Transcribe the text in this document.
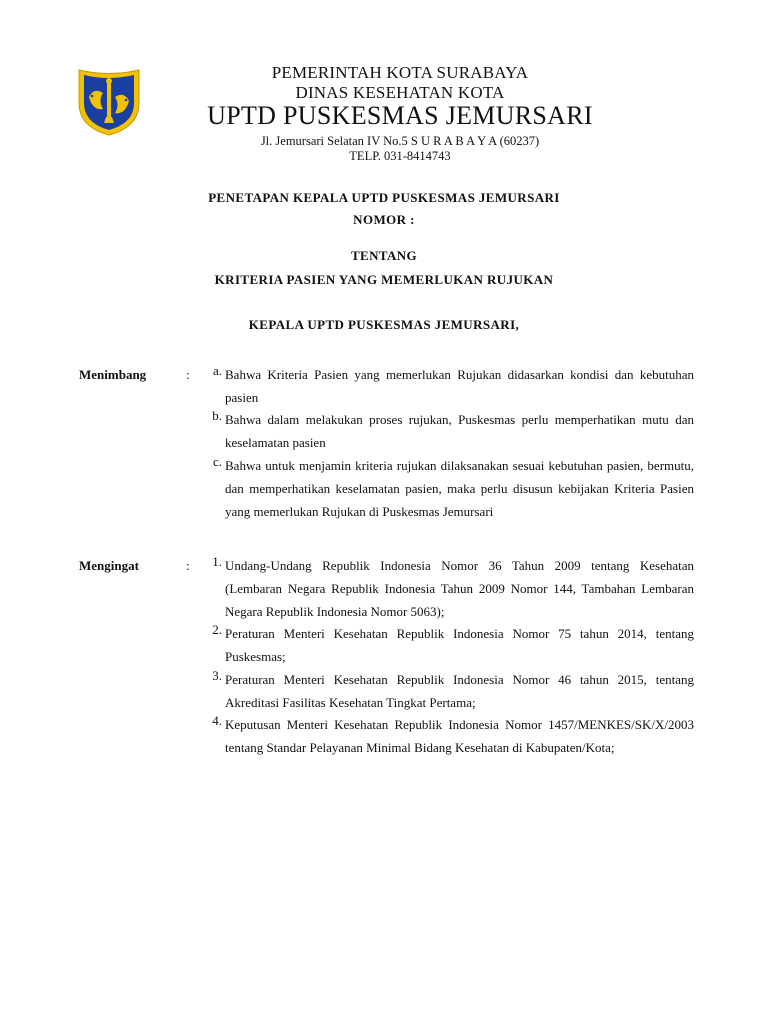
PEMERINTAH KOTA SURABAYA
DINAS KESEHATAN KOTA
UPTD PUSKESMAS JEMURSARI
Jl. Jemursari Selatan IV No.5 S U R A B A Y A (60237)
TELP. 031-8414743
PENETAPAN KEPALA UPTD PUSKESMAS JEMURSARI
NOMOR :
TENTANG
KRITERIA PASIEN YANG MEMERLUKAN RUJUKAN
KEPALA UPTD PUSKESMAS JEMURSARI,
Menimbang	:	a. Bahwa Kriteria Pasien yang memerlukan Rujukan didasarkan kondisi dan kebutuhan pasien
b. Bahwa dalam melakukan proses rujukan, Puskesmas perlu memperhatikan mutu dan keselamatan pasien
c. Bahwa untuk menjamin kriteria rujukan dilaksanakan sesuai kebutuhan pasien, bermutu, dan memperhatikan keselamatan pasien, maka perlu disusun kebijakan Kriteria Pasien yang memerlukan Rujukan di Puskesmas Jemursari
Mengingat	:	1. Undang-Undang Republik Indonesia Nomor 36 Tahun 2009 tentang Kesehatan (Lembaran Negara Republik Indonesia Tahun 2009 Nomor 144, Tambahan Lembaran Negara Republik Indonesia Nomor 5063);
2. Peraturan Menteri Kesehatan Republik Indonesia Nomor 75 tahun 2014, tentang Puskesmas;
3. Peraturan Menteri Kesehatan Republik Indonesia Nomor 46 tahun 2015, tentang Akreditasi Fasilitas Kesehatan Tingkat Pertama;
4. Keputusan Menteri Kesehatan Republik Indonesia Nomor 1457/MENKES/SK/X/2003 tentang Standar Pelayanan Minimal Bidang Kesehatan di Kabupaten/Kota;
